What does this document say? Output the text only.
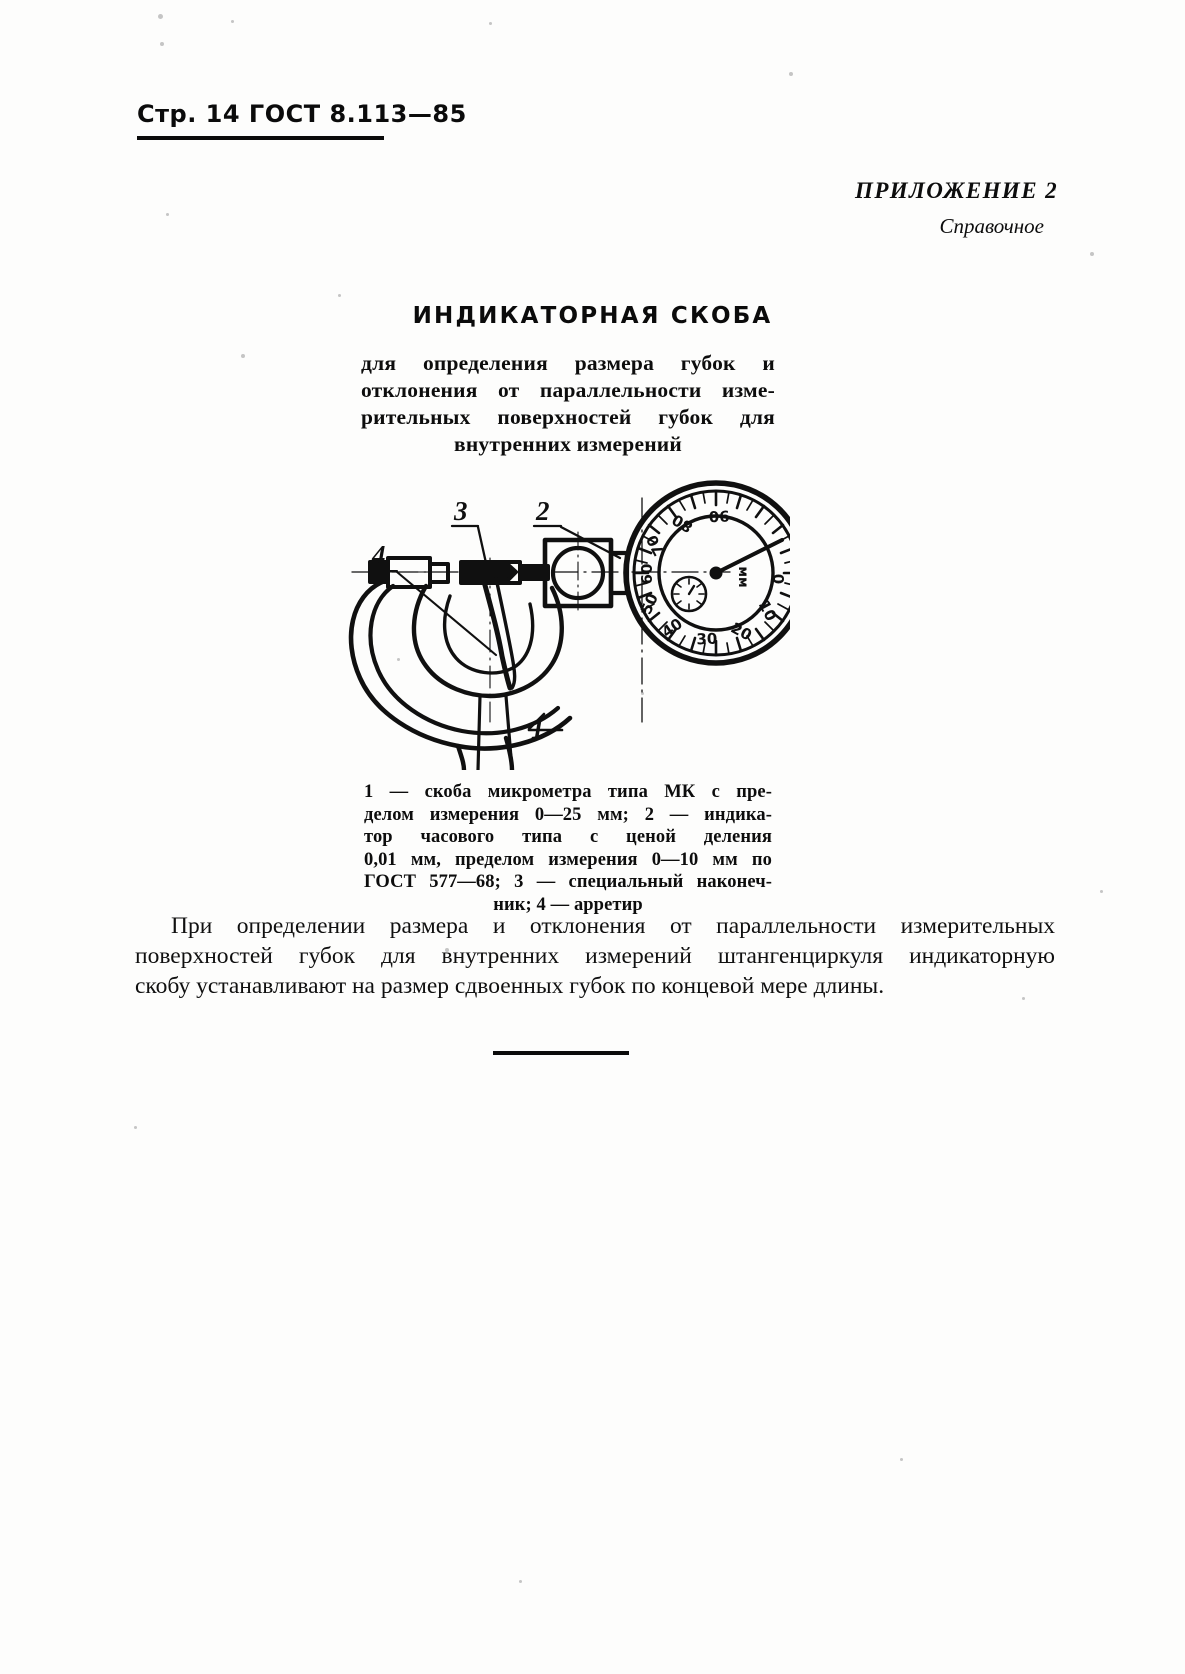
Стр. 14 ГОСТ 8.113—85
ПРИЛОЖЕНИЕ 2
Справочное
ИНДИКАТОРНАЯ СКОБА
для определения размера губок и
отклонения от параллельности изме-
рительных поверхностей губок для
внутренних измерений
0
10
20
30
40
50
60
70
80 90
мм
1
2
3
4
1 — скоба микрометра типа МК с пре-
делом измерения 0—25 мм; 2 — индика-
тор часового типа с ценой деления
0,01 мм, пределом измерения 0—10 мм по
ГОСТ 577—68; 3 — специальный наконеч-
ник; 4 — арретир
При определении размера и отклонения от параллельности измерительных
поверхностей губок для внутренних измерений штангенциркуля индикаторную
скобу устанавливают на размер сдвоенных губок по концевой мере длины.
